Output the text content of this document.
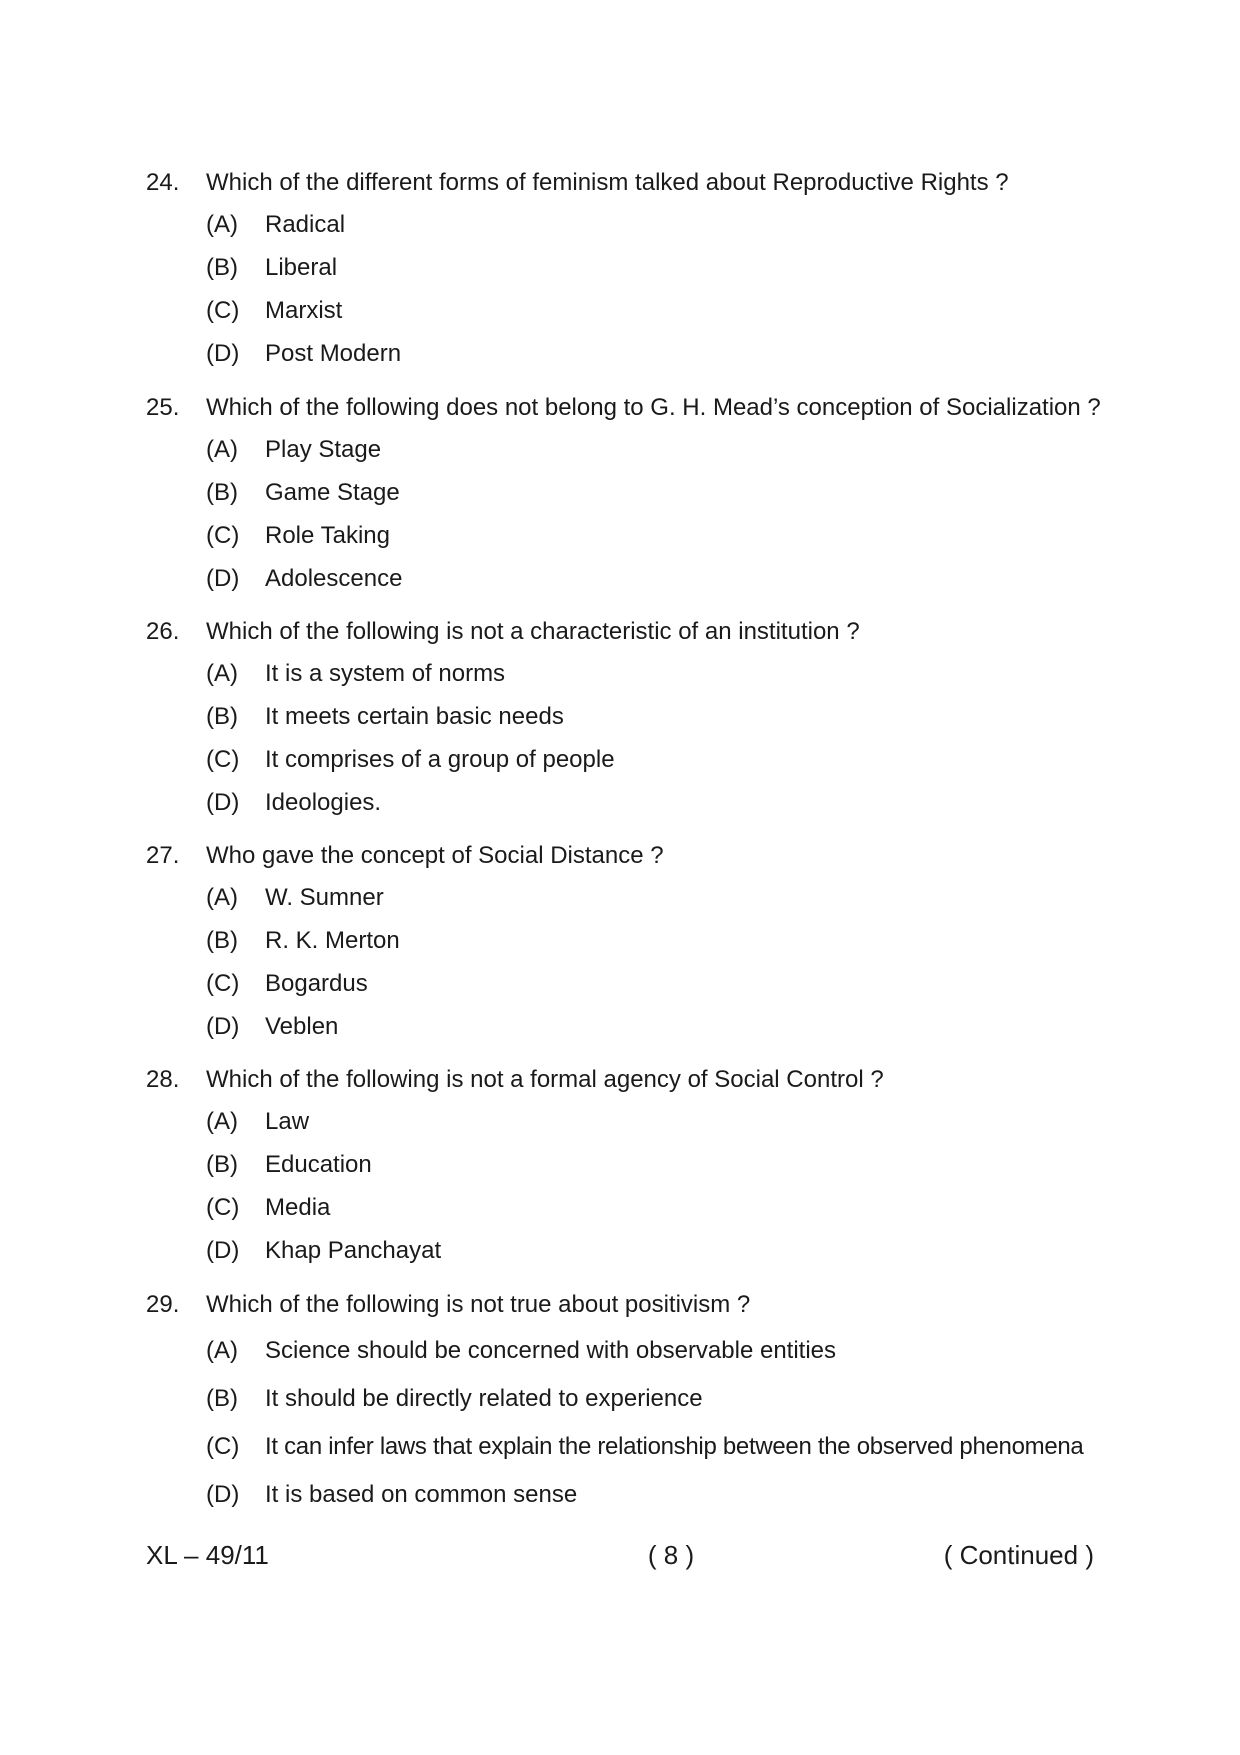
24.	Which of the different forms of feminism talked about Reproductive Rights ?
(A)	Radical
(B)	Liberal
(C)	Marxist
(D)	Post Modern
25.	Which of the following does not belong to G. H. Mead’s conception of Socialization ?
(A)	Play Stage
(B)	Game Stage
(C)	Role Taking
(D)	Adolescence
26.	Which of the following is not a characteristic of an institution ?
(A)	It is a system of norms
(B)	It meets certain basic needs
(C)	It comprises of a group of people
(D)	Ideologies.
27.	Who gave the concept of Social Distance ?
(A)	W. Sumner
(B)	R. K. Merton
(C)	Bogardus
(D)	Veblen
28.	Which of the following is not a formal agency of Social Control ?
(A)	Law
(B)	Education
(C)	Media
(D)	Khap Panchayat
29.	Which of the following is not true about positivism ?
(A)	Science should be concerned with observable entities
(B)	It should be directly related to experience
(C)	It can infer laws that explain the relationship between the observed phenomena
(D)	It is based on common sense
XL – 49/11	( 8 )	( Continued )
